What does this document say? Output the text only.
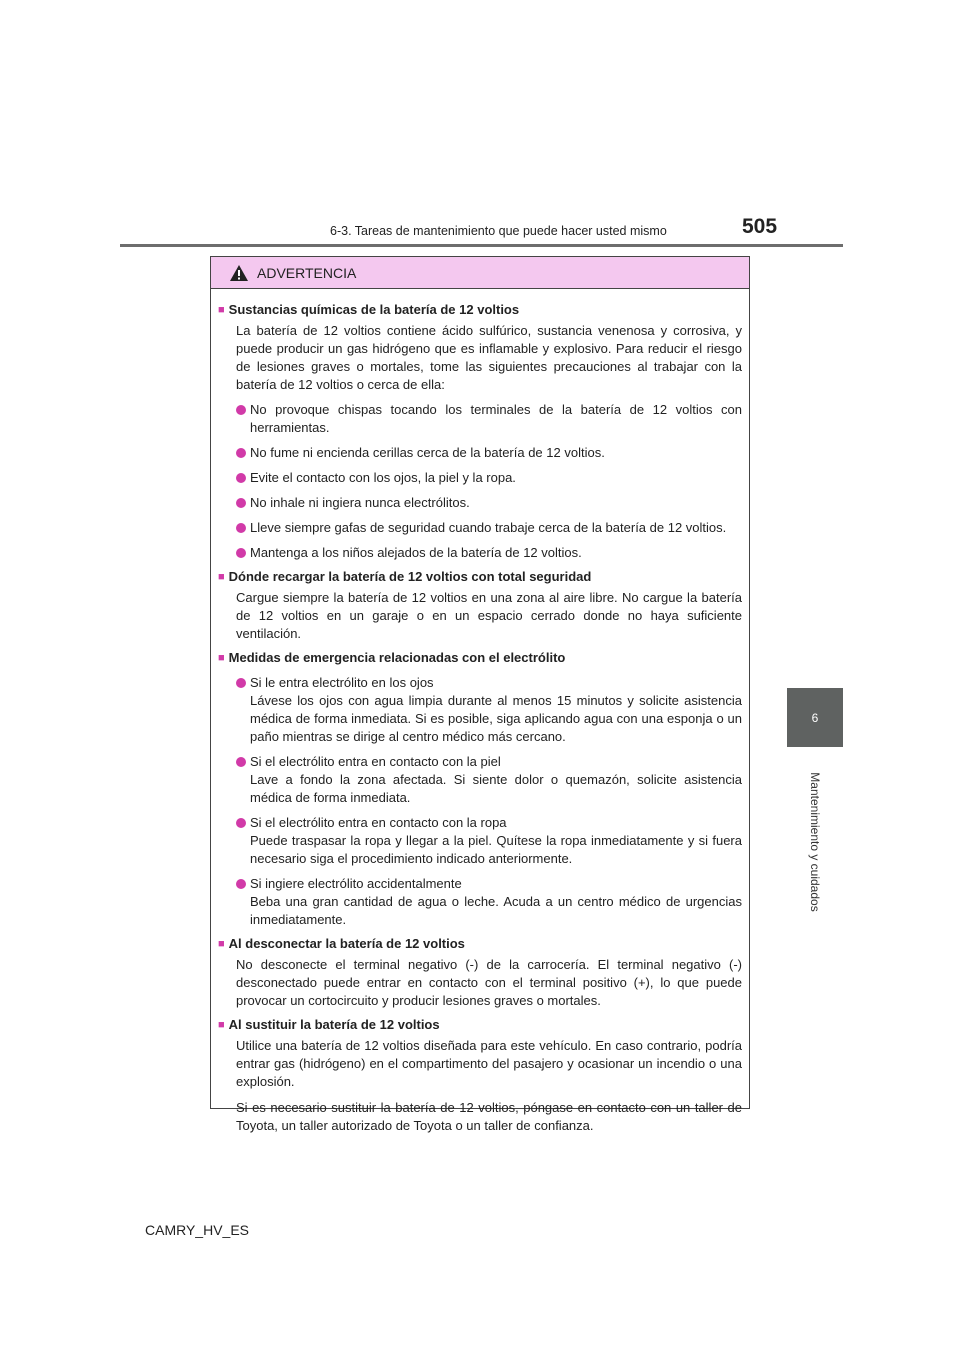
6-3. Tareas de mantenimiento que puede hacer usted mismo	505
6
Mantenimiento y cuidados
ADVERTENCIA
■ Sustancias químicas de la batería de 12 voltios
La batería de 12 voltios contiene ácido sulfúrico, sustancia venenosa y corrosiva, y puede producir un gas hidrógeno que es inflamable y explosivo. Para reducir el riesgo de lesiones graves o mortales, tome las siguientes precauciones al trabajar con la batería de 12 voltios o cerca de ella:
No provoque chispas tocando los terminales de la batería de 12 voltios con herramientas.
No fume ni encienda cerillas cerca de la batería de 12 voltios.
Evite el contacto con los ojos, la piel y la ropa.
No inhale ni ingiera nunca electrólitos.
Lleve siempre gafas de seguridad cuando trabaje cerca de la batería de 12 voltios.
Mantenga a los niños alejados de la batería de 12 voltios.
■ Dónde recargar la batería de 12 voltios con total seguridad
Cargue siempre la batería de 12 voltios en una zona al aire libre. No cargue la batería de 12 voltios en un garaje o en un espacio cerrado donde no haya suficiente ventilación.
■ Medidas de emergencia relacionadas con el electrólito
Si le entra electrólito en los ojos
Lávese los ojos con agua limpia durante al menos 15 minutos y solicite asistencia médica de forma inmediata. Si es posible, siga aplicando agua con una esponja o un paño mientras se dirige al centro médico más cercano.
Si el electrólito entra en contacto con la piel
Lave a fondo la zona afectada. Si siente dolor o quemazón, solicite asistencia médica de forma inmediata.
Si el electrólito entra en contacto con la ropa
Puede traspasar la ropa y llegar a la piel. Quítese la ropa inmediatamente y si fuera necesario siga el procedimiento indicado anteriormente.
Si ingiere electrólito accidentalmente
Beba una gran cantidad de agua o leche. Acuda a un centro médico de urgencias inmediatamente.
■ Al desconectar la batería de 12 voltios
No desconecte el terminal negativo (-) de la carrocería. El terminal negativo (-) desconectado puede entrar en contacto con el terminal positivo (+), lo que puede provocar un cortocircuito y producir lesiones graves o mortales.
■ Al sustituir la batería de 12 voltios
Utilice una batería de 12 voltios diseñada para este vehículo. En caso contrario, podría entrar gas (hidrógeno) en el compartimento del pasajero y ocasionar un incendio o una explosión.
Si es necesario sustituir la batería de 12 voltios, póngase en contacto con un taller de Toyota, un taller autorizado de Toyota o un taller de confianza.
CAMRY_HV_ES
